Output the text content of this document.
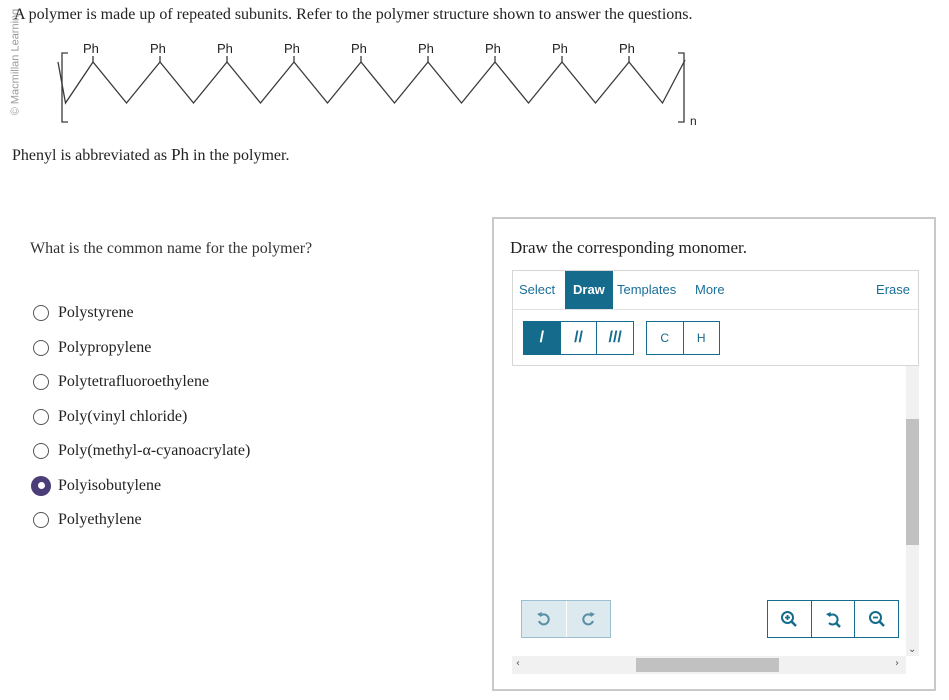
© Macmillan Learning
A polymer is made up of repeated subunits. Refer to the polymer structure shown to answer the questions.
Ph	Ph	Ph	Ph	Ph	Ph	Ph	Ph	Ph
n
Phenyl is abbreviated as Ph in the polymer.
What is the common name for the polymer?
Polystyrene
Polypropylene
Polytetrafluoroethylene
Poly(vinyl chloride)
Poly(methyl-α-cyanoacrylate)
Polyisobutylene
Polyethylene
Draw the corresponding monomer.
Select	Draw Templates More	Erase
/	//	///	C	H
⌄
‹	›
